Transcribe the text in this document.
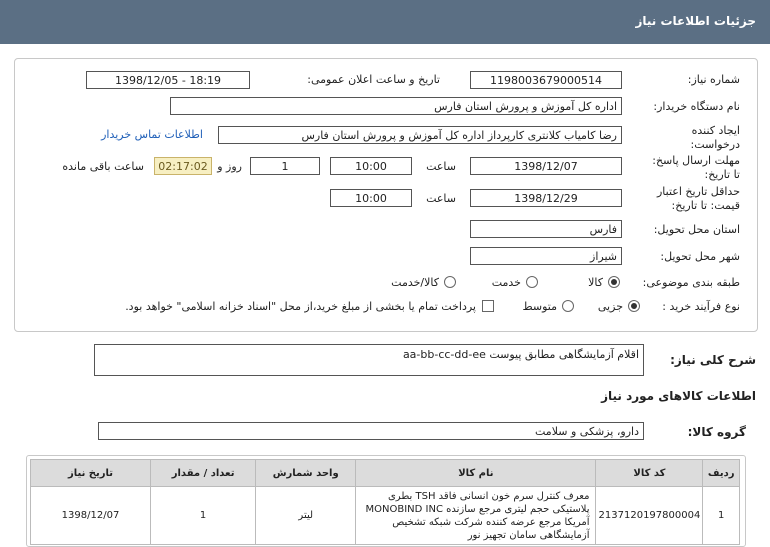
جزئیات اطلاعات نیاز
شماره نیاز:
1198003679000514
تاریخ و ساعت اعلان عمومی:
1398/12/05 - 18:19
نام دستگاه خریدار:
اداره کل آموزش و پرورش استان فارس
ایجاد کننده درخواست:
رضا کامیاب کلانتری کارپرداز اداره کل آموزش و پرورش استان فارس
اطلاعات تماس خریدار
مهلت ارسال پاسخ: تا تاریخ:
1398/12/07
ساعت
10:00
1
روز و
02:17:02
ساعت باقی مانده
حداقل تاریخ اعتبار قیمت: تا تاریخ:
1398/12/29
ساعت
10:00
استان محل تحویل:
فارس
شهر محل تحویل:
شیراز
طبقه بندی موضوعی:
کالا
خدمت
کالا/خدمت
نوع فرآیند خرید :
جزیی
متوسط
پرداخت تمام یا بخشی از مبلغ خرید،از محل "اسناد خزانه اسلامی" خواهد بود.
شرح کلی نیاز:
اقلام آزمایشگاهی مطابق پیوست aa-bb-cc-dd-ee
اطلاعات کالاهای مورد نیاز
گروه کالا:
دارو، پزشکی و سلامت
ردیف	کد کالا	نام کالا	واحد شمارش	تعداد / مقدار	تاریخ نیاز
1	2137120197800004	معرف کنترل سرم خون انسانی فاقد TSH بطری پلاستیکی حجم لیتری مرجع سازنده MONOBIND INC آمریکا مرجع عرضه کننده شرکت شبکه تشخیص آزمایشگاهی سامان تجهیز نور	لیتر	1	1398/12/07
